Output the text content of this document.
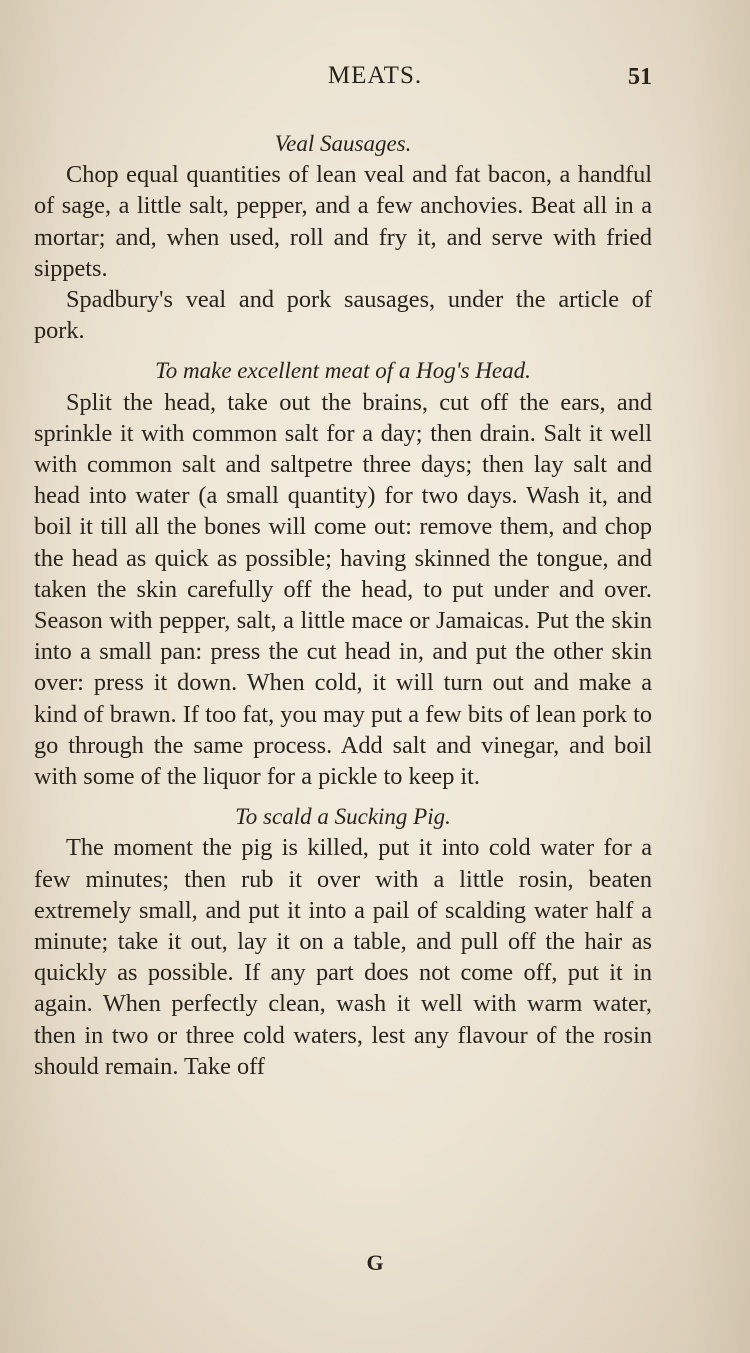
MEATS.	51
Veal Sausages.

Chop equal quantities of lean veal and fat bacon, a handful of sage, a little salt, pepper, and a few anchovies. Beat all in a mortar; and, when used, roll and fry it, and serve with fried sippets.

Spadbury's veal and pork sausages, under the article of pork.

To make excellent meat of a Hog's Head.

Split the head, take out the brains, cut off the ears, and sprinkle it with common salt for a day; then drain. Salt it well with common salt and saltpetre three days; then lay salt and head into water (a small quantity) for two days. Wash it, and boil it till all the bones will come out: remove them, and chop the head as quick as possible; having skinned the tongue, and taken the skin carefully off the head, to put under and over. Season with pepper, salt, a little mace or Jamaicas. Put the skin into a small pan: press the cut head in, and put the other skin over: press it down. When cold, it will turn out and make a kind of brawn. If too fat, you may put a few bits of lean pork to go through the same process. Add salt and vinegar, and boil with some of the liquor for a pickle to keep it.

To scald a Sucking Pig.

The moment the pig is killed, put it into cold water for a few minutes; then rub it over with a little rosin, beaten extremely small, and put it into a pail of scalding water half a minute; take it out, lay it on a table, and pull off the hair as quickly as possible. If any part does not come off, put it in again. When perfectly clean, wash it well with warm water, then in two or three cold waters, lest any flavour of the rosin should remain. Take off

G
